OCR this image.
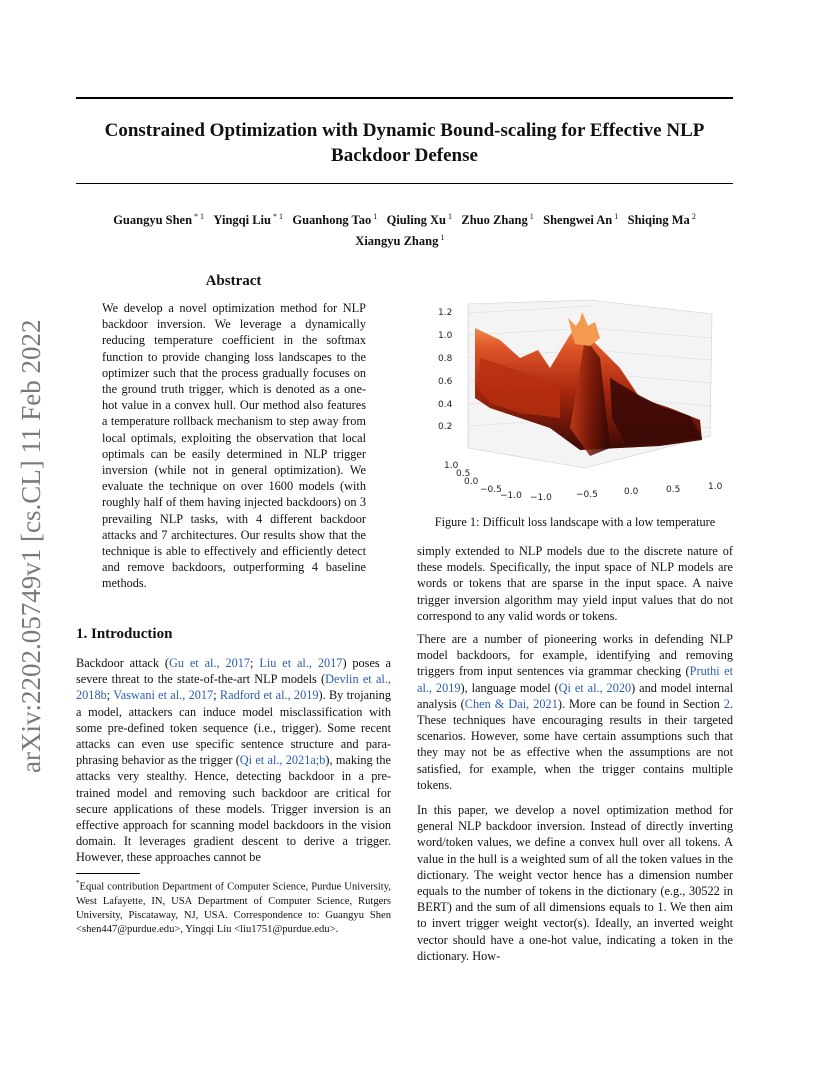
Constrained Optimization with Dynamic Bound-scaling for Effective NLP
Backdoor Defense
Guangyu Shen $^{* 1}$ Yingqi Liu $^{* 1}$ Guanhong Tao $^1$ Qiuling Xu $^1$ Zhuo Zhang $^1$ Shengwei An $^1$ Shiqing Ma $^2$
Xiangyu Zhang $^1$
arXiv:2202.05749v1 [cs.CL] 11 Feb 2022
Abstract
We develop a novel optimization method for NLP backdoor inversion. We leverage a dynamically reducing temperature coefficient in the softmax function to provide changing loss landscapes to the optimizer such that the process gradually focuses on the ground truth trigger, which is denoted as a one-hot value in a convex hull. Our method also features a temperature rollback mechanism to step away from local optimals, exploiting the observation that local optimals can be easily determined in NLP trigger inversion (while not in general optimization). We evaluate the technique on over 1600 models (with roughly half of them having injected backdoors) on 3 prevailing NLP tasks, with 4 different backdoor attacks and 7 architectures. Our results show that the technique is able to effectively and efficiently detect and remove backdoors, outperforming 4 baseline methods.
1. Introduction
Backdoor attack (Gu et al., 2017; Liu et al., 2017) poses a severe threat to the state-of-the-art NLP models (Devlin et al., 2018b; Vaswani et al., 2017; Radford et al., 2019). By trojaning a model, attackers can induce model misclassification with some pre-defined token sequence (i.e., trigger). Some recent attacks can even use specific sentence structure and para-phrasing behavior as the trigger (Qi et al., 2021a;b), making the attacks very stealthy. Hence, detecting backdoor in a pre-trained model and removing such backdoor are critical for secure applications of these models. Trigger inversion is an effective approach for scanning model backdoors in the vision domain. It leverages gradient descent to derive a trigger. However, these approaches cannot be
*Equal contribution Department of Computer Science, Purdue University, West Lafayette, IN, USA Department of Computer Science, Rutgers University, Piscataway, NJ, USA. Correspondence to: Guangyu Shen <shen447@purdue.edu>, Yingqi Liu <liu1751@purdue.edu>.
1.2
1.0
0.8
0.6
0.4
0.2
1.0
0.5
0.0
−0.5
−1.0 −1.0	−0.5	0.0	0.5	1.0
Figure 1: Difficult loss landscape with a low temperature
simply extended to NLP models due to the discrete nature of these models. Specifically, the input space of NLP models are words or tokens that are sparse in the input space. A naive trigger inversion algorithm may yield input values that do not correspond to any valid words or tokens.
There are a number of pioneering works in defending NLP model backdoors, for example, identifying and removing triggers from input sentences via grammar checking (Pruthi et al., 2019), language model (Qi et al., 2020) and model internal analysis (Chen & Dai, 2021). More can be found in Section 2. These techniques have encouraging results in their targeted scenarios. However, some have certain assumptions such that they may not be as effective when the assumptions are not satisfied, for example, when the trigger contains multiple tokens.
In this paper, we develop a novel optimization method for general NLP backdoor inversion. Instead of directly inverting word/token values, we define a convex hull over all tokens. A value in the hull is a weighted sum of all the token values in the dictionary. The weight vector hence has a dimension number equals to the number of tokens in the dictionary (e.g., 30522 in BERT) and the sum of all dimensions equals to 1. We then aim to invert trigger weight vector(s). Ideally, an inverted weight vector should have a one-hot value, indicating a token in the dictionary. How-
